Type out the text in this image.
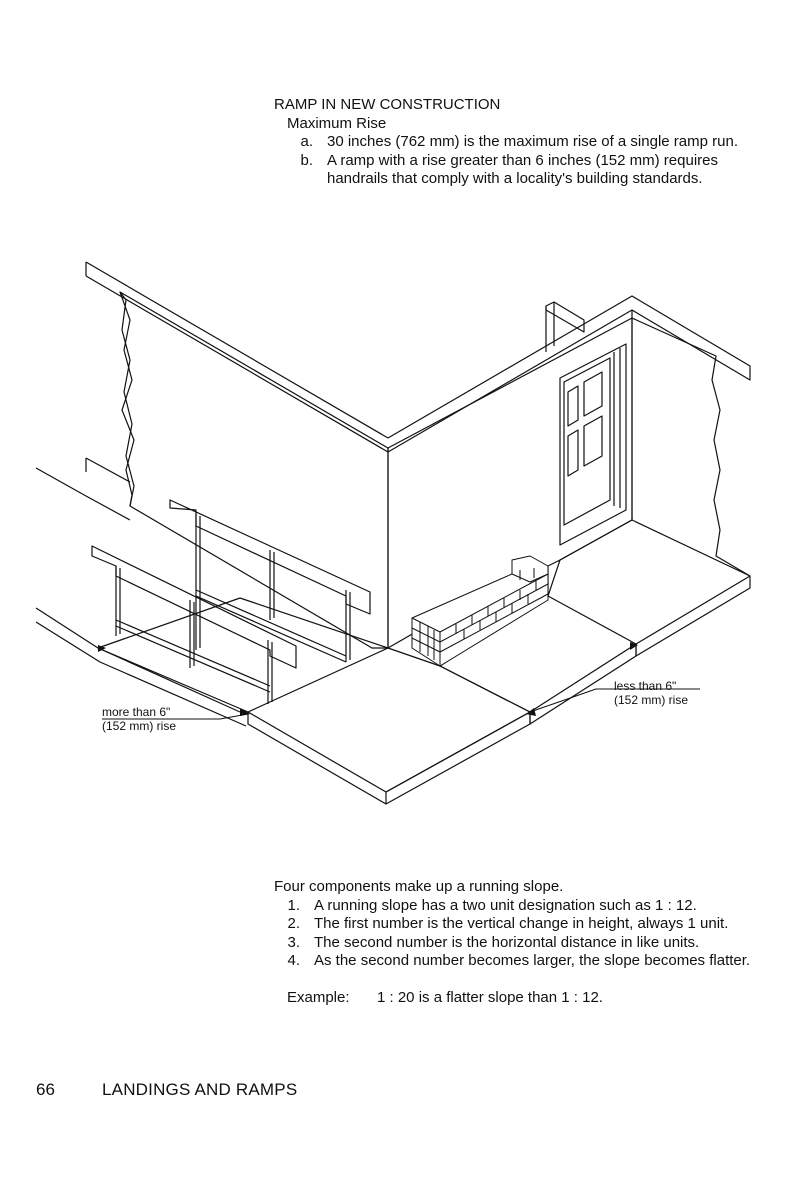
RAMP IN NEW CONSTRUCTION
Maximum Rise
a. 30 inches (762 mm) is the maximum rise of a single ramp run.
b. A ramp with a rise greater than 6 inches (152 mm) requires handrails that comply with a locality's building standards.
more than 6"
(152 mm) rise
less than 6"
(152 mm) rise
Four components make up a running slope.
1. A running slope has a two unit designation such as 1 : 12.
2. The first number is the vertical change in height, always 1 unit.
3. The second number is the horizontal distance in like units.
4. As the second number becomes larger, the slope becomes flatter.
Example:	1 : 20 is a flatter slope than 1 : 12.
66	LANDINGS AND RAMPS
